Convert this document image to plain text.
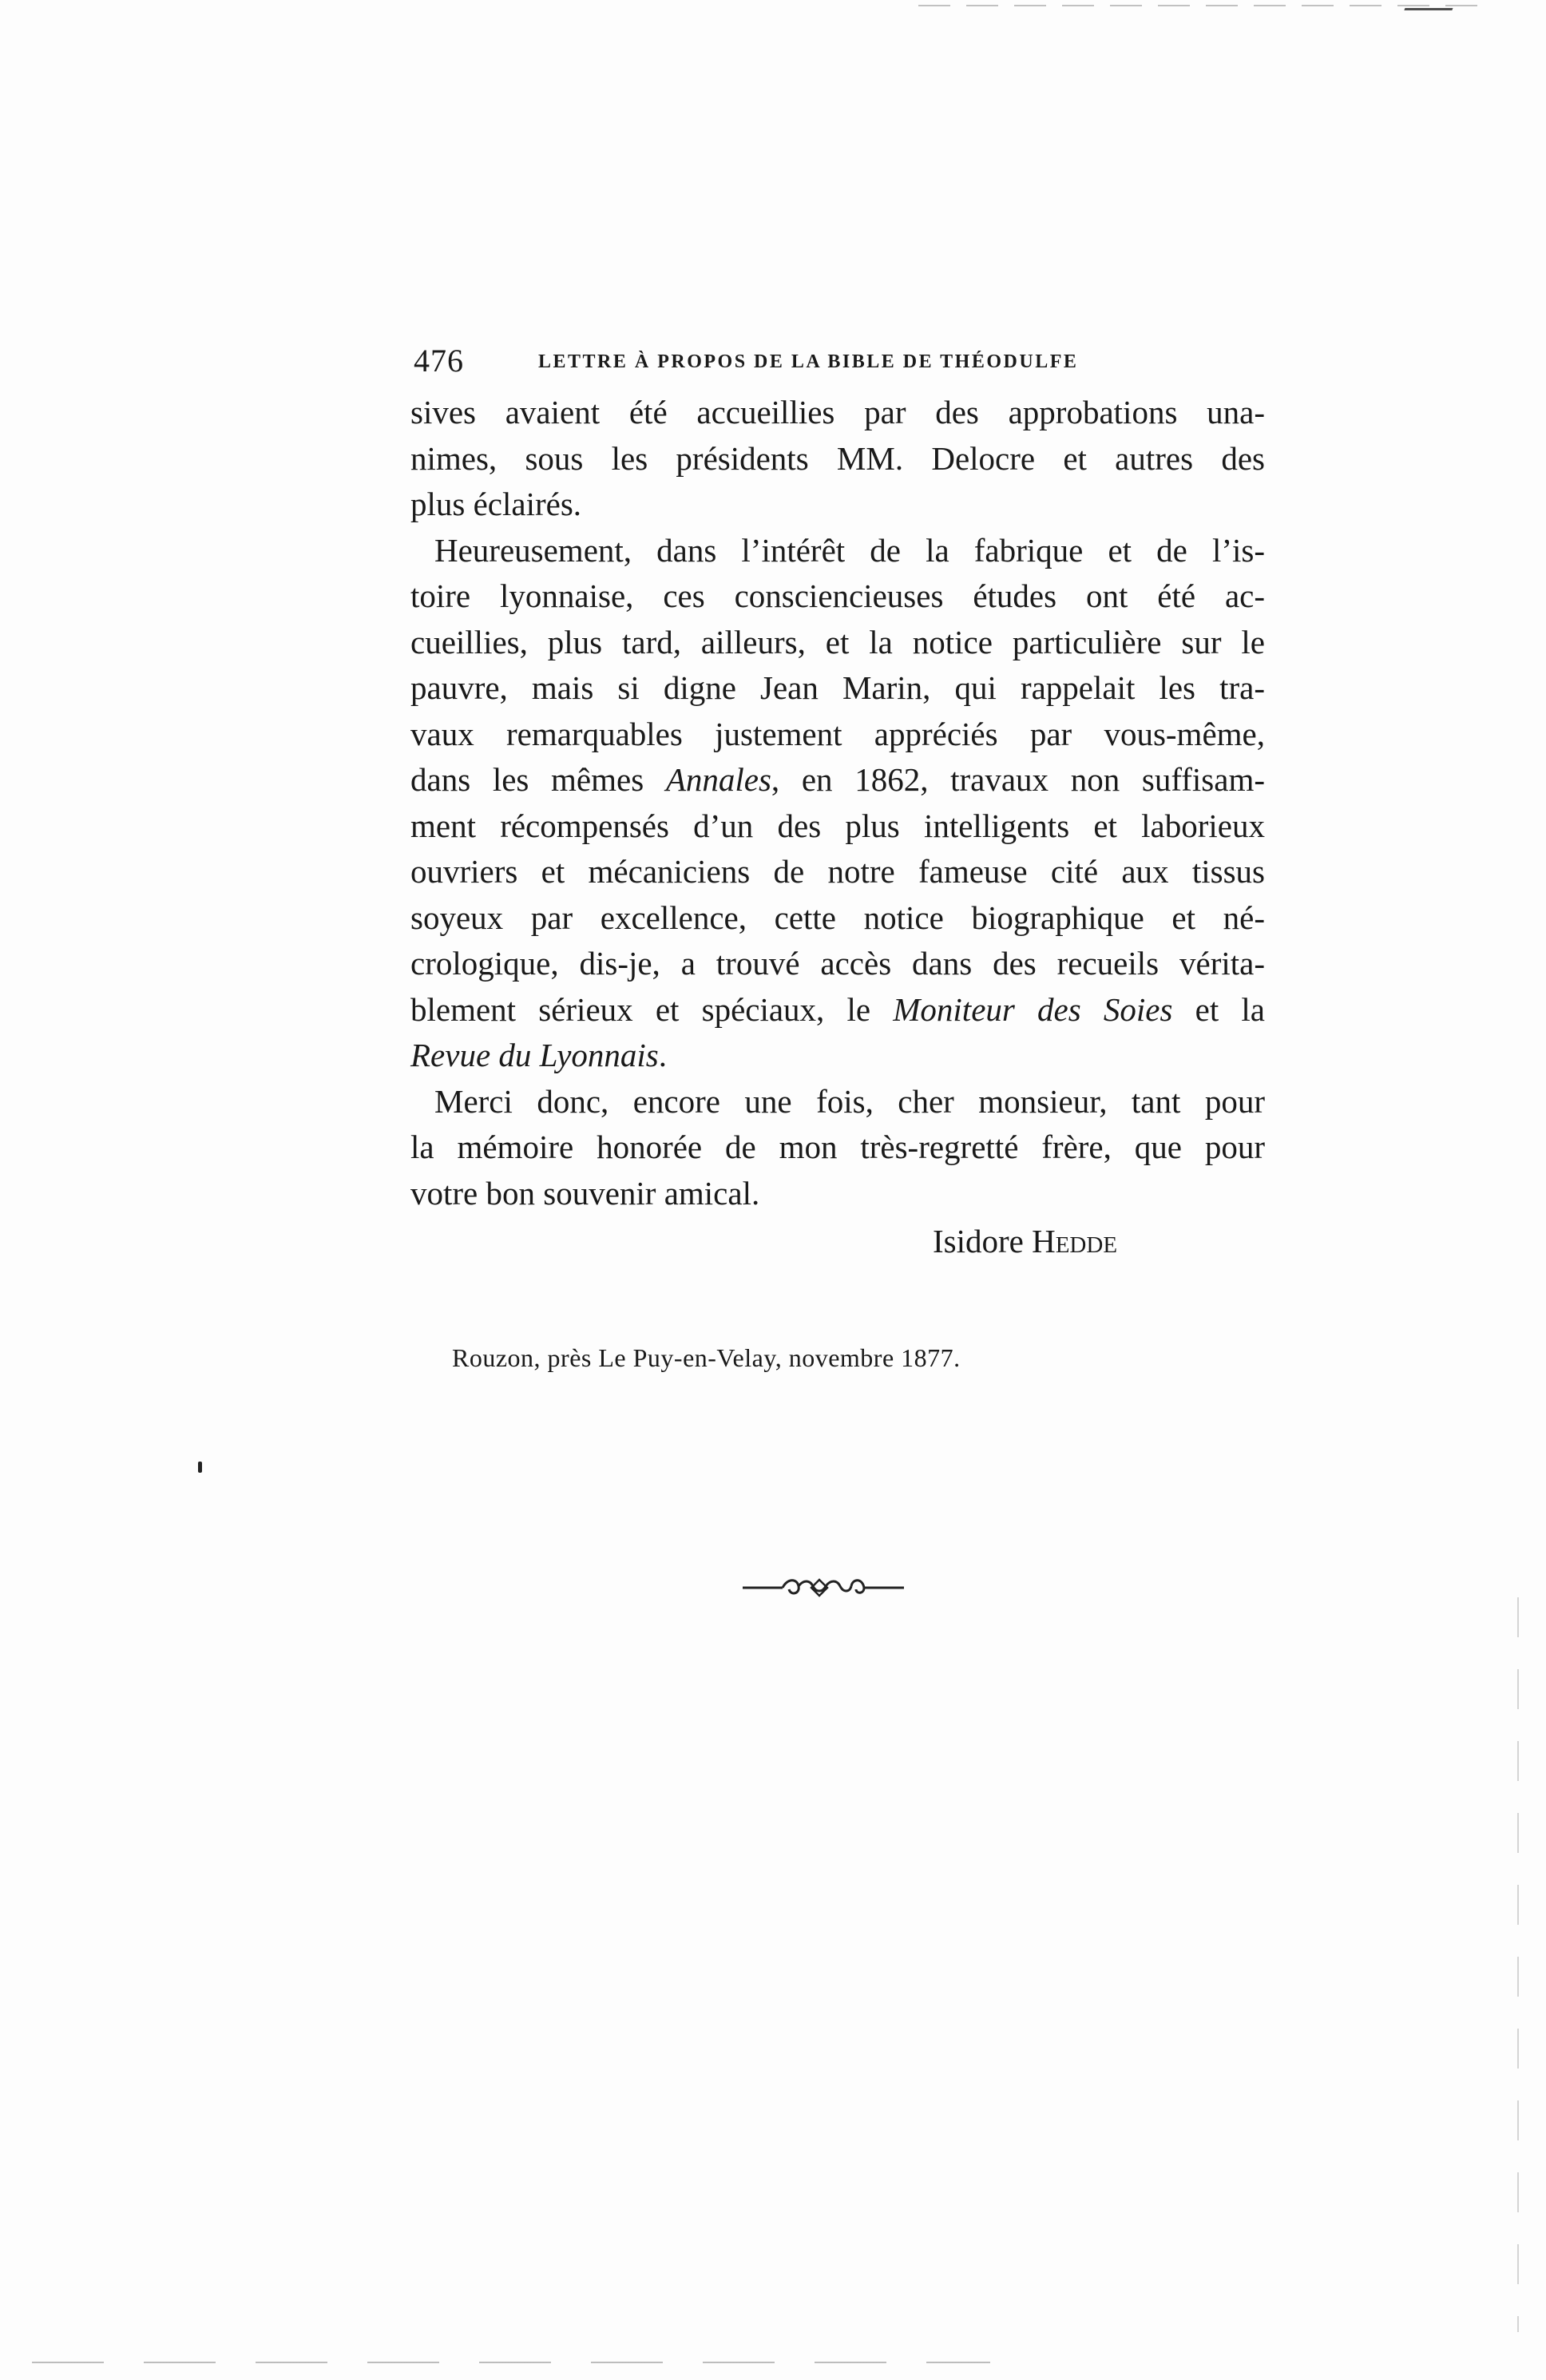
476	LETTRE À PROPOS DE LA BIBLE DE THÉODULFE

sives avaient été accueillies par des approbations una-
nimes, sous les présidents MM. Delocre et autres des
plus éclairés.

Heureusement, dans l’intérêt de la fabrique et de l’is-
toire lyonnaise, ces consciencieuses études ont été ac-
cueillies, plus tard, ailleurs, et la notice particulière sur le
pauvre, mais si digne Jean Marin, qui rappelait les tra-
vaux remarquables justement appréciés par vous-même,
dans les mêmes Annales, en 1862, travaux non suffisam-
ment récompensés d’un des plus intelligents et laborieux
ouvriers et mécaniciens de notre fameuse cité aux tissus
soyeux par excellence, cette notice biographique et né-
crologique, dis-je, a trouvé accès dans des recueils vérita-
blement sérieux et spéciaux, le Moniteur des Soies et la
Revue du Lyonnais.

Merci donc, encore une fois, cher monsieur, tant pour
la mémoire honorée de mon très-regretté frère, que pour
votre bon souvenir amical.

Isidore Hedde
Rouzon, près Le Puy-en-Velay, novembre 1877.
